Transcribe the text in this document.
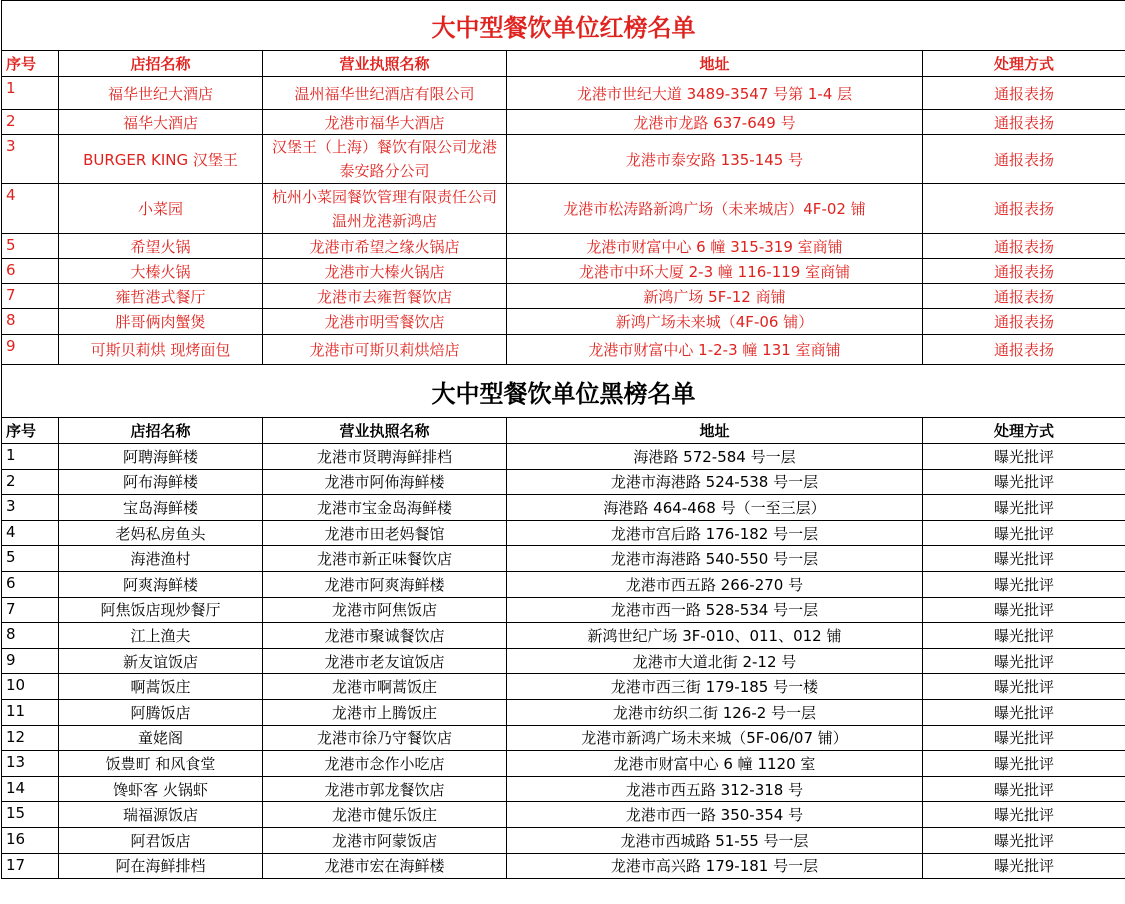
大中型餐饮单位红榜名单				
序号	店招名称	营业执照名称	地址	处理方式
1	福华世纪大酒店	温州福华世纪酒店有限公司	龙港市世纪大道 3489-3547 号第 1-4 层	通报表扬
2	福华大酒店	龙港市福华大酒店	龙港市龙路 637-649 号	通报表扬
3	BURGER KING 汉堡王	汉堡王（上海）餐饮有限公司龙港泰安路分公司	龙港市泰安路 135-145 号	通报表扬
4	小菜园	杭州小菜园餐饮管理有限责任公司温州龙港新鸿店	龙港市松涛路新鸿广场（未来城店）4F-02 铺	通报表扬
5	希望火锅	龙港市希望之缘火锅店	龙港市财富中心 6 幢 315-319 室商铺	通报表扬
6	大榛火锅	龙港市大榛火锅店	龙港市中环大厦 2-3 幢 116-119 室商铺	通报表扬
7	雍哲港式餐厅	龙港市去雍哲餐饮店	新鸿广场 5F-12 商铺	通报表扬
8	胖哥俩肉蟹煲	龙港市明雪餐饮店	新鸿广场未来城（4F-06 铺）	通报表扬
9	可斯贝莉烘 现烤面包	龙港市可斯贝莉烘焙店	龙港市财富中心 1-2-3 幢 131 室商铺	通报表扬
大中型餐饮单位黑榜名单				
序号	店招名称	营业执照名称	地址	处理方式
1	阿聘海鲜楼	龙港市贤聘海鲜排档	海港路 572-584 号一层	曝光批评
2	阿布海鲜楼	龙港市阿佈海鲜楼	龙港市海港路 524-538 号一层	曝光批评
3	宝岛海鲜楼	龙港市宝金岛海鲜楼	海港路 464-468 号（一至三层）	曝光批评
4	老妈私房鱼头	龙港市田老妈餐馆	龙港市宫后路 176-182 号一层	曝光批评
5	海港渔村	龙港市新正味餐饮店	龙港市海港路 540-550 号一层	曝光批评
6	阿爽海鲜楼	龙港市阿爽海鲜楼	龙港市西五路 266-270 号	曝光批评
7	阿焦饭店现炒餐厅	龙港市阿焦饭店	龙港市西一路 528-534 号一层	曝光批评
8	江上渔夫	龙港市聚诚餐饮店	新鸿世纪广场 3F-010、011、012 铺	曝光批评
9	新友谊饭店	龙港市老友谊饭店	龙港市大道北街 2-12 号	曝光批评
10	啊蒿饭庄	龙港市啊蒿饭庄	龙港市西三街 179-185 号一楼	曝光批评
11	阿腾饭店	龙港市上腾饭庄	龙港市纺织二街 126-2 号一层	曝光批评
12	童姥阁	龙港市徐乃守餐饮店	龙港市新鸿广场未来城（5F-06/07 铺）	曝光批评
13	饭豊町 和风食堂	龙港市念作小吃店	龙港市财富中心 6 幢 1120 室	曝光批评
14	馋虾客 火锅虾	龙港市郭龙餐饮店	龙港市西五路 312-318 号	曝光批评
15	瑞福源饭店	龙港市健乐饭庄	龙港市西一路 350-354 号	曝光批评
16	阿君饭店	龙港市阿蒙饭店	龙港市西城路 51-55 号一层	曝光批评
17	阿在海鲜排档	龙港市宏在海鲜楼	龙港市高兴路 179-181 号一层	曝光批评
